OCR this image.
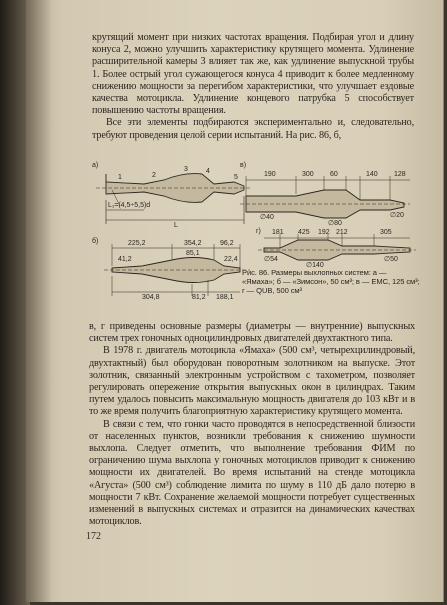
крутящий момент при низких частотах вращения. Подбирая угол и длину конуса 2, можно улучшить характеристику крутящего момента. Удлинение расширительной камеры 3 влияет так же, как удлинение выпускной трубы 1. Более острый угол сужающегося конуса 4 приводит к более медленному снижению мощности за перегибом характеристики, что улучшает ездовые качества мотоцикла. Удлинение концевого патрубка 5 способствует повышению частоты вращения.

Все эти элементы подбираются экспериментально и, следовательно, требуют проведения целой серии испытаний. На рис. 86, б,

а)
1	2
3	4
5
L₁=(4,5÷5,5)d
L
в)
190	300 60	140 128
∅40
∅80
∅20
б)	225,2	354,2	96,2
41,2
85,1
22,4
304,8	81,2 188,1
г) 181 425 192 212	305
∅54
∅140
∅50
Рис. 86. Размеры выхлопных систем: а — «Ямаха»; б — «Зимсон», 50 см³; в — EMC, 125 см³; г — QUB, 500 см³

в, г приведены основные размеры (диаметры — внутренние) выпускных систем трех гоночных одноцилиндровых двигателей двухтактного типа.

В 1978 г. двигатель мотоцикла «Ямаха» (500 см³, четырехцилиндровый, двухтактный) был оборудован поворотным золотником на выпуске. Этот золотник, связанный электронным устройством с тахометром, позволяет регулировать опережение открытия выпускных окон в цилиндрах. Таким путем удалось повысить максимальную мощность двигателя до 103 кВт и в то же время получить благоприятную характеристику крутящего момента.

В связи с тем, что гонки часто проводятся в непосредственной близости от населенных пунктов, возникли требования к снижению шумности выхлопа. Следует отметить, что выполнение требования ФИМ по ограничению шума выхлопа у гоночных мотоциклов приводит к снижению мощности их двигателей. Во время испытаний на стенде мотоцикла «Агуста» (500 см³) соблюдение лимита по шуму в 110 дБ дало потерю в мощности 7 кВт. Сохранение желаемой мощности потребует существенных изменений в выпускных системах и отразится на динамических качествах мотоциклов.

172
